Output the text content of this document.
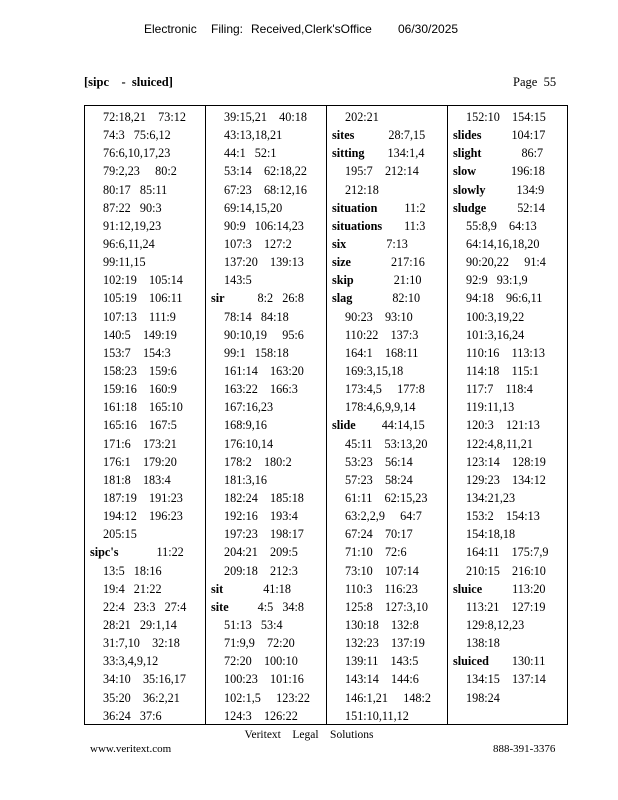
Electronic Filing: Received,Clerk'sOffice 06/30/2025
[sipc    -  sluiced]	Page 55
72:18,21    73:12
74:3   75:6,12
76:6,10,17,23
79:2,23     80:2
80:17   85:11
87:22   90:3
91:12,19,23
96:6,11,24
99:11,15
102:19    105:14
105:19    106:11
107:13    111:9
140:5    149:19
153:7    154:3
158:23    159:6
159:16    160:9
161:18    165:10
165:16    167:5
171:6    173:21
176:1    179:20
181:8    183:4
187:19    191:23
194:12    196:23
205:15
sipc's	11:22
13:5   18:16
19:4   21:22
22:4   23:3   27:4
28:21   29:1,14
31:7,10    32:18
33:3,4,9,12
34:10    35:16,17
35:20    36:2,21
36:24   37:6
39:15,21    40:18
43:13,18,21
44:1   52:1
53:14    62:18,22
67:23    68:12,16
69:14,15,20
90:9   106:14,23
107:3    127:2
137:20    139:13
143:5
sir	8:2   26:8
78:14   84:18
90:10,19     95:6
99:1   158:18
161:14    163:20
163:22    166:3
167:16,23
168:9,16
176:10,14
178:2    180:2
181:3,16
182:24    185:18
192:16    193:4
197:23    198:17
204:21    209:5
209:18    212:3
sit	41:18
site 4:5   34:8
51:13   53:4
71:9,9    72:20
72:20    100:10
100:23    101:16
102:1,5     123:22
124:3    126:22
202:21
sites	28:7,15
sitting 134:1,4
195:7    212:14
212:18
situation 11:2
situations 11:3
six	7:13
size	217:16
skip	21:10
slag	82:10
90:23    93:10
110:22    137:3
164:1    168:11
169:3,15,18
173:4,5     177:8
178:4,6,9,9,14
slide 44:14,15
45:11    53:13,20
53:23    56:14
57:23    58:24
61:11    62:15,23
63:2,2,9     64:7
67:24    70:17
71:10    72:6
73:10    107:14
110:3    116:23
125:8    127:3,10
130:18    132:8
132:23    137:19
139:11    143:5
143:14    144:6
146:1,21     148:2
151:10,11,12
152:10    154:15
slides 104:17
slight	86:7
slow	196:18
slowly	134:9
sludge	52:14
55:8,9    64:13
64:14,16,18,20
90:20,22     91:4
92:9   93:1,9
94:18    96:6,11
100:3,19,22
101:3,16,24
110:16    113:13
114:18    115:1
117:7    118:4
119:11,13
120:3    121:13
122:4,8,11,21
123:14    128:19
129:23    134:12
134:21,23
153:2    154:13
154:18,18
164:11    175:7,9
210:15    216:10
sluice 113:20
113:21    127:19
129:8,12,23
138:18
sluiced 130:11
134:15    137:14
198:24
Veritext    Legal    Solutions
www.veritext.com	888-391-3376
